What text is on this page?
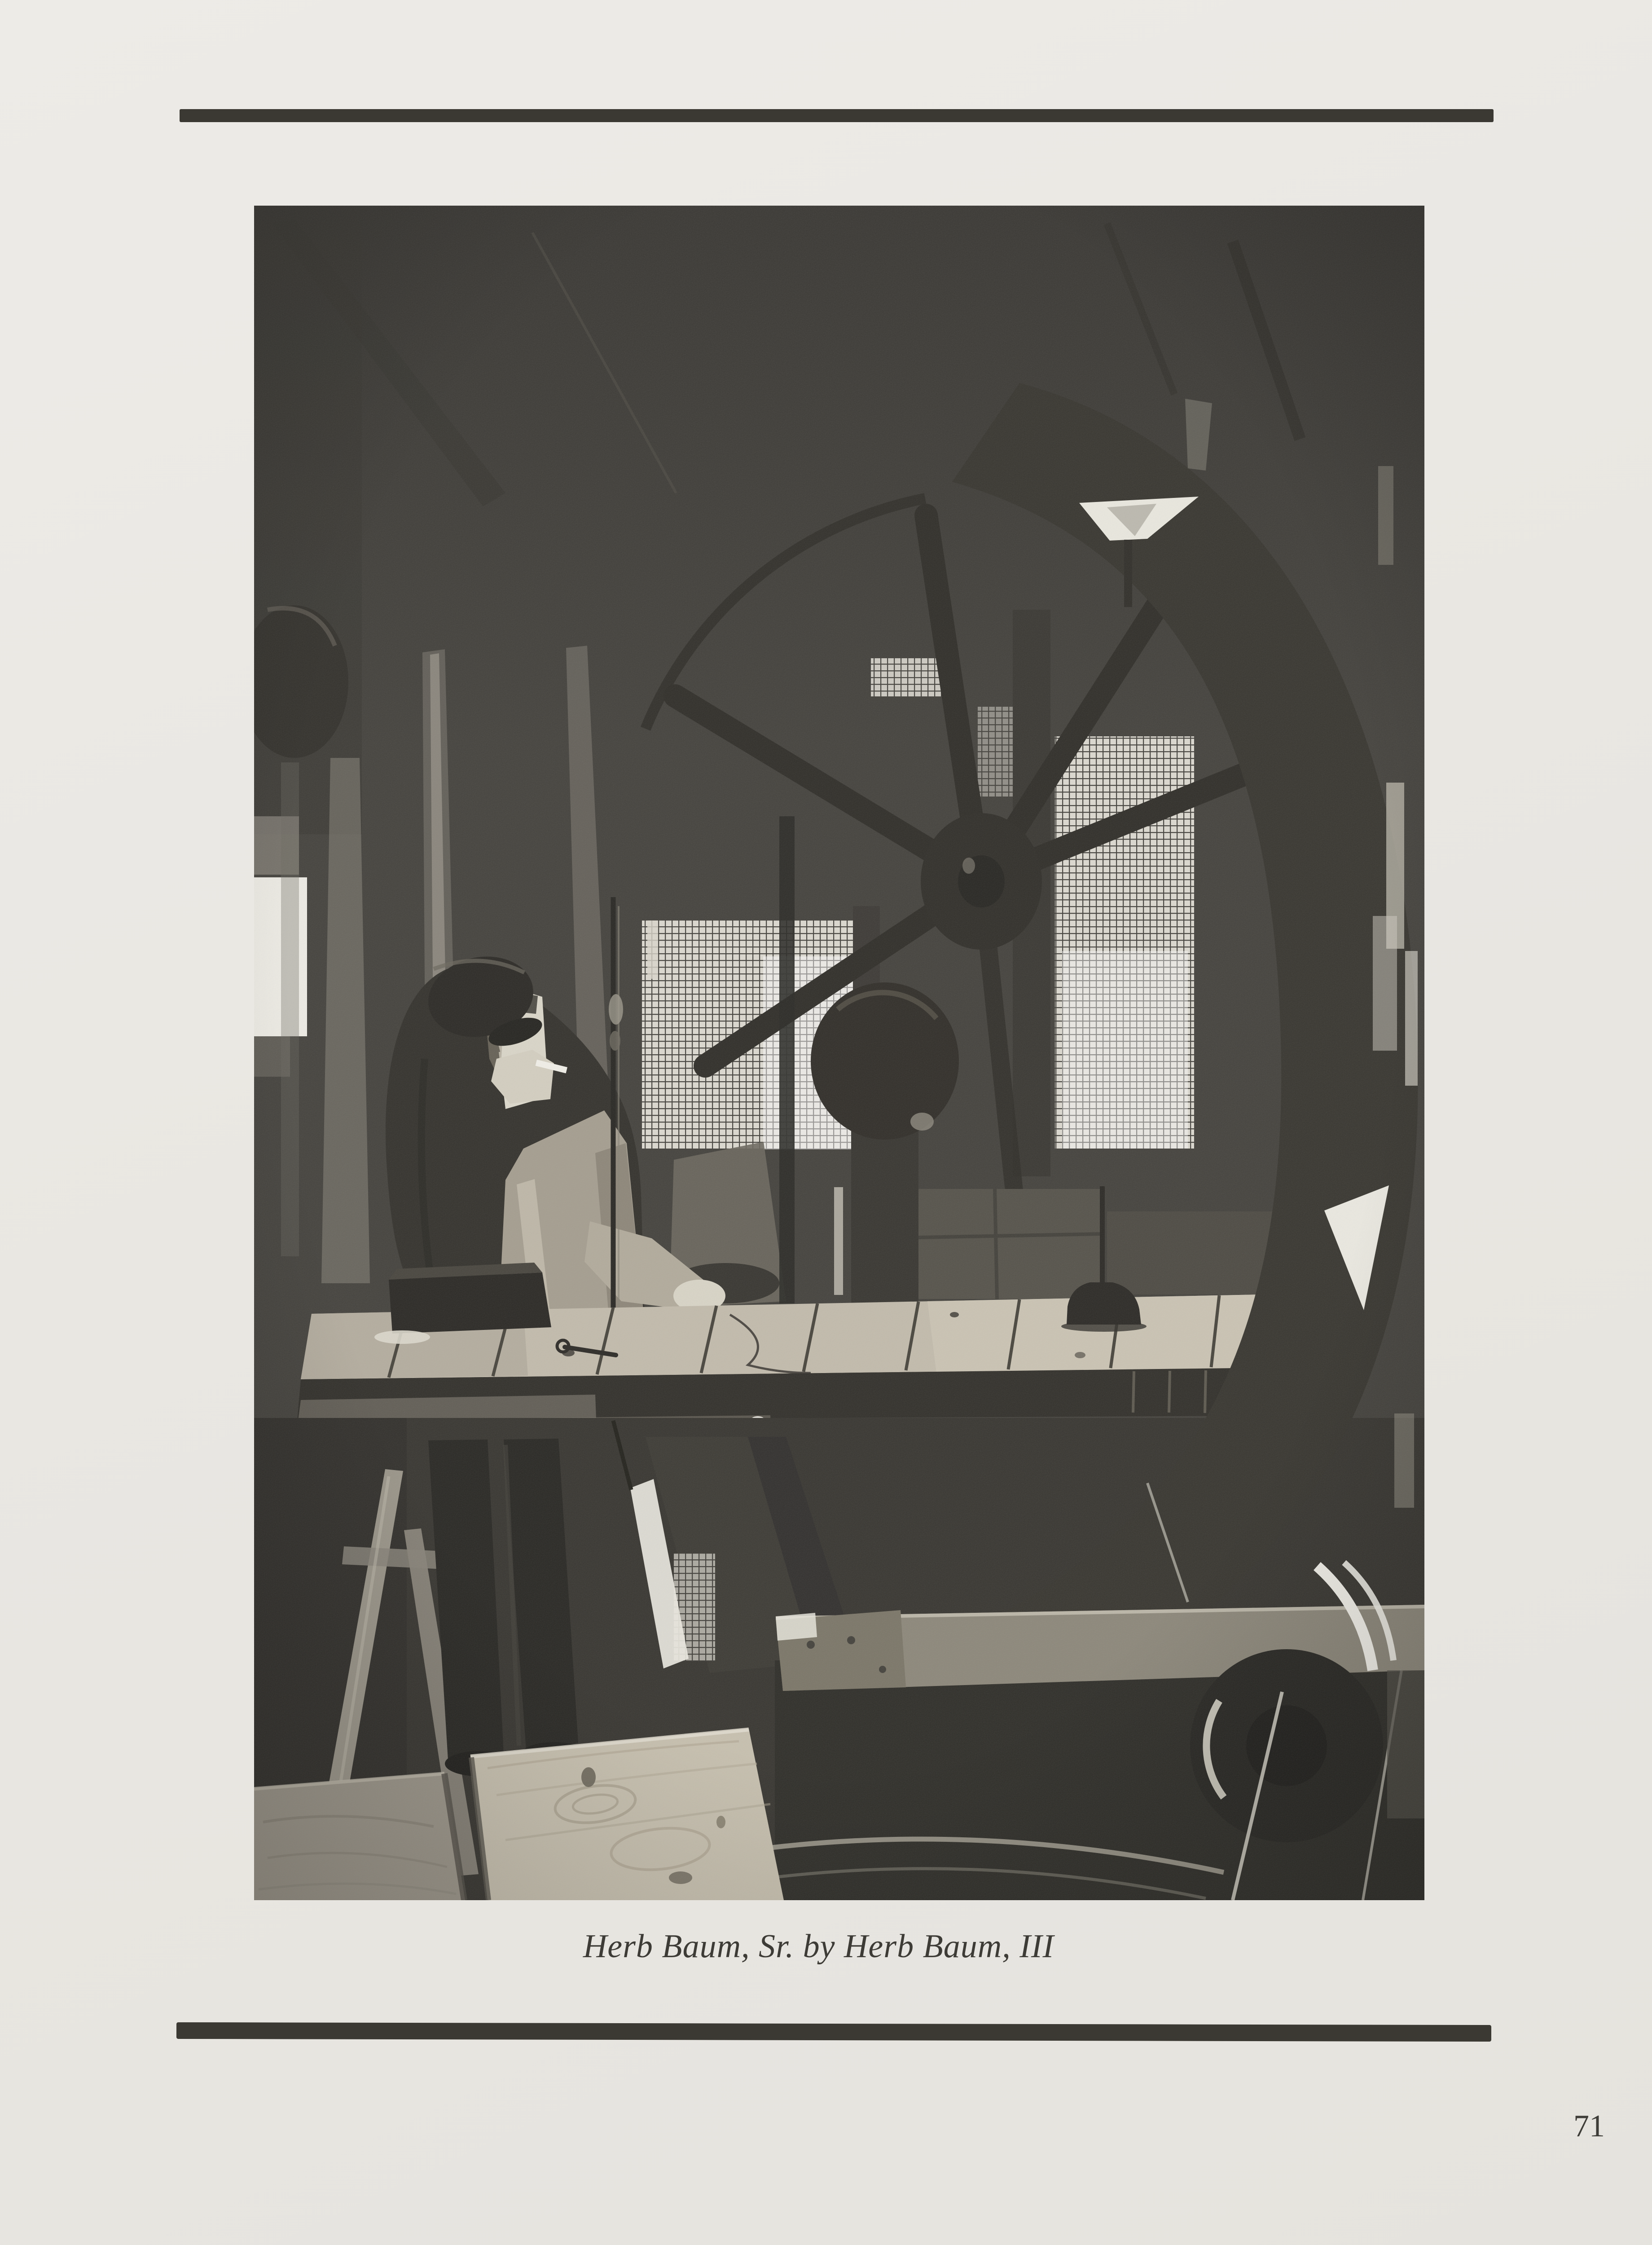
Herb Baum, Sr. by Herb Baum, III
71
